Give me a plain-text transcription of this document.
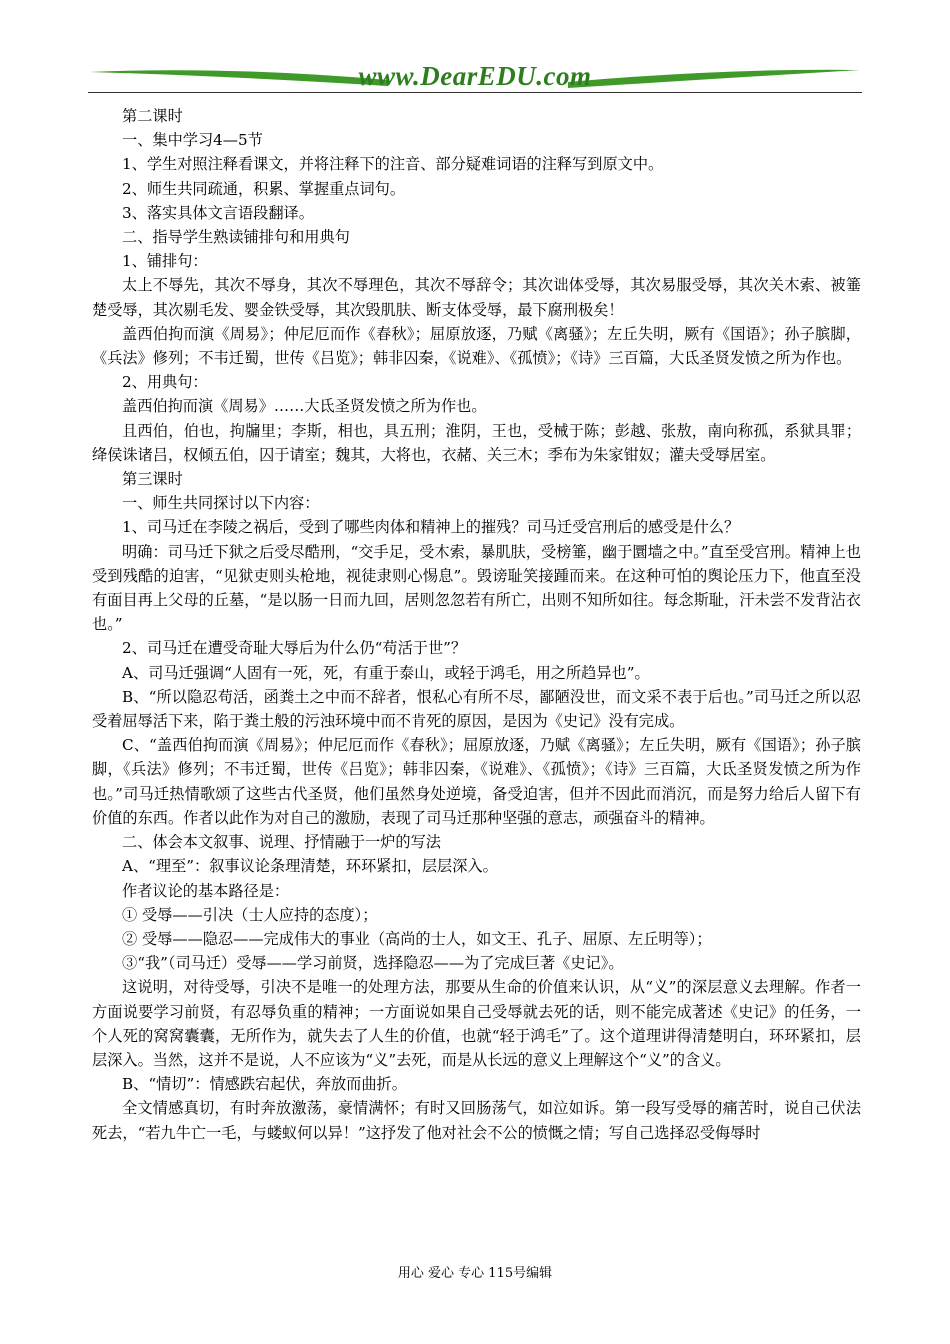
www.DearEDU.com

第二课时

一、集中学习4—5节

1、学生对照注释看课文，并将注释下的注音、部分疑难词语的注释写到原文中。

2、师生共同疏通，积累、掌握重点词句。

3、落实具体文言语段翻译。

二、指导学生熟读铺排句和用典句

1、铺排句：

太上不辱先，其次不辱身，其次不辱理色，其次不辱辞令；其次诎体受辱，其次易服受辱，其次关木索、被箠楚受辱，其次剔毛发、婴金铁受辱，其次毁肌肤、断支体受辱，最下腐刑极矣！

盖西伯拘而演《周易》；仲尼厄而作《春秋》；屈原放逐，乃赋《离骚》；左丘失明，厥有《国语》；孙子膑脚，《兵法》修列；不韦迁蜀，世传《吕览》；韩非囚秦，《说难》、《孤愤》；《诗》三百篇，大氐圣贤发愤之所为作也。

2、用典句：

盖西伯拘而演《周易》……大氐圣贤发愤之所为作也。

且西伯，伯也，拘牖里；李斯，相也，具五刑；淮阴，王也，受械于陈；彭越、张敖，南向称孤，系狱具罪；绛侯诛诸吕，权倾五伯，囚于请室；魏其，大将也，衣赭、关三木；季布为朱家钳奴；灌夫受辱居室。

第三课时

一、师生共同探讨以下内容：

1、司马迁在李陵之祸后，受到了哪些肉体和精神上的摧残？司马迁受宫刑后的感受是什么？

明确：司马迁下狱之后受尽酷刑，“交手足，受木索，暴肌肤，受榜箠，幽于圜墙之中。”直至受宫刑。精神上也受到残酷的迫害，“见狱吏则头枪地，视徒隶则心惕息”。毁谤耻笑接踵而来。在这种可怕的舆论压力下，他直至没有面目再上父母的丘墓，“是以肠一日而九回，居则忽忽若有所亡，出则不知所如往。每念斯耻，汗未尝不发背沾衣也。”

2、司马迁在遭受奇耻大辱后为什么仍“苟活于世”？

A、司马迁强调“人固有一死，死，有重于泰山，或轻于鸿毛，用之所趋异也”。

B、“所以隐忍苟活，函粪土之中而不辞者，恨私心有所不尽，鄙陋没世，而文采不表于后也。”司马迁之所以忍受着屈辱活下来，陷于粪土般的污浊环境中而不肯死的原因，是因为《史记》没有完成。

C、“盖西伯拘而演《周易》；仲尼厄而作《春秋》；屈原放逐，乃赋《离骚》；左丘失明，厥有《国语》；孙子膑脚，《兵法》修列；不韦迁蜀，世传《吕览》；韩非囚秦，《说难》、《孤愤》；《诗》三百篇，大氐圣贤发愤之所为作也。”司马迁热情歌颂了这些古代圣贤，他们虽然身处逆境，备受迫害，但并不因此而消沉，而是努力给后人留下有价值的东西。作者以此作为对自己的激励，表现了司马迁那种坚强的意志，顽强奋斗的精神。

二、体会本文叙事、说理、抒情融于一炉的写法

A、“理至”：叙事议论条理清楚，环环紧扣，层层深入。

作者议论的基本路径是：

① 受辱——引决（士人应持的态度）；

② 受辱——隐忍——完成伟大的事业（高尚的士人，如文王、孔子、屈原、左丘明等）；

③“我”（司马迁）受辱——学习前贤，选择隐忍——为了完成巨著《史记》。

这说明，对待受辱，引决不是唯一的处理方法，那要从生命的价值来认识，从“义”的深层意义去理解。作者一方面说要学习前贤，有忍辱负重的精神；一方面说如果自己受辱就去死的话，则不能完成著述《史记》的任务，一个人死的窝窝囊囊，无所作为，就失去了人生的价值，也就“轻于鸿毛”了。这个道理讲得清楚明白，环环紧扣，层层深入。当然，这并不是说，人不应该为“义”去死，而是从长远的意义上理解这个“义”的含义。

B、“情切”：情感跌宕起伏，奔放而曲折。

全文情感真切，有时奔放激荡，豪情满怀；有时又回肠荡气，如泣如诉。第一段写受辱的痛苦时，说自己伏法死去，“若九牛亡一毛，与蝼蚁何以异！”这抒发了他对社会不公的愤慨之情；写自己选择忍受侮辱时

用心 爱心 专心 115号编辑
